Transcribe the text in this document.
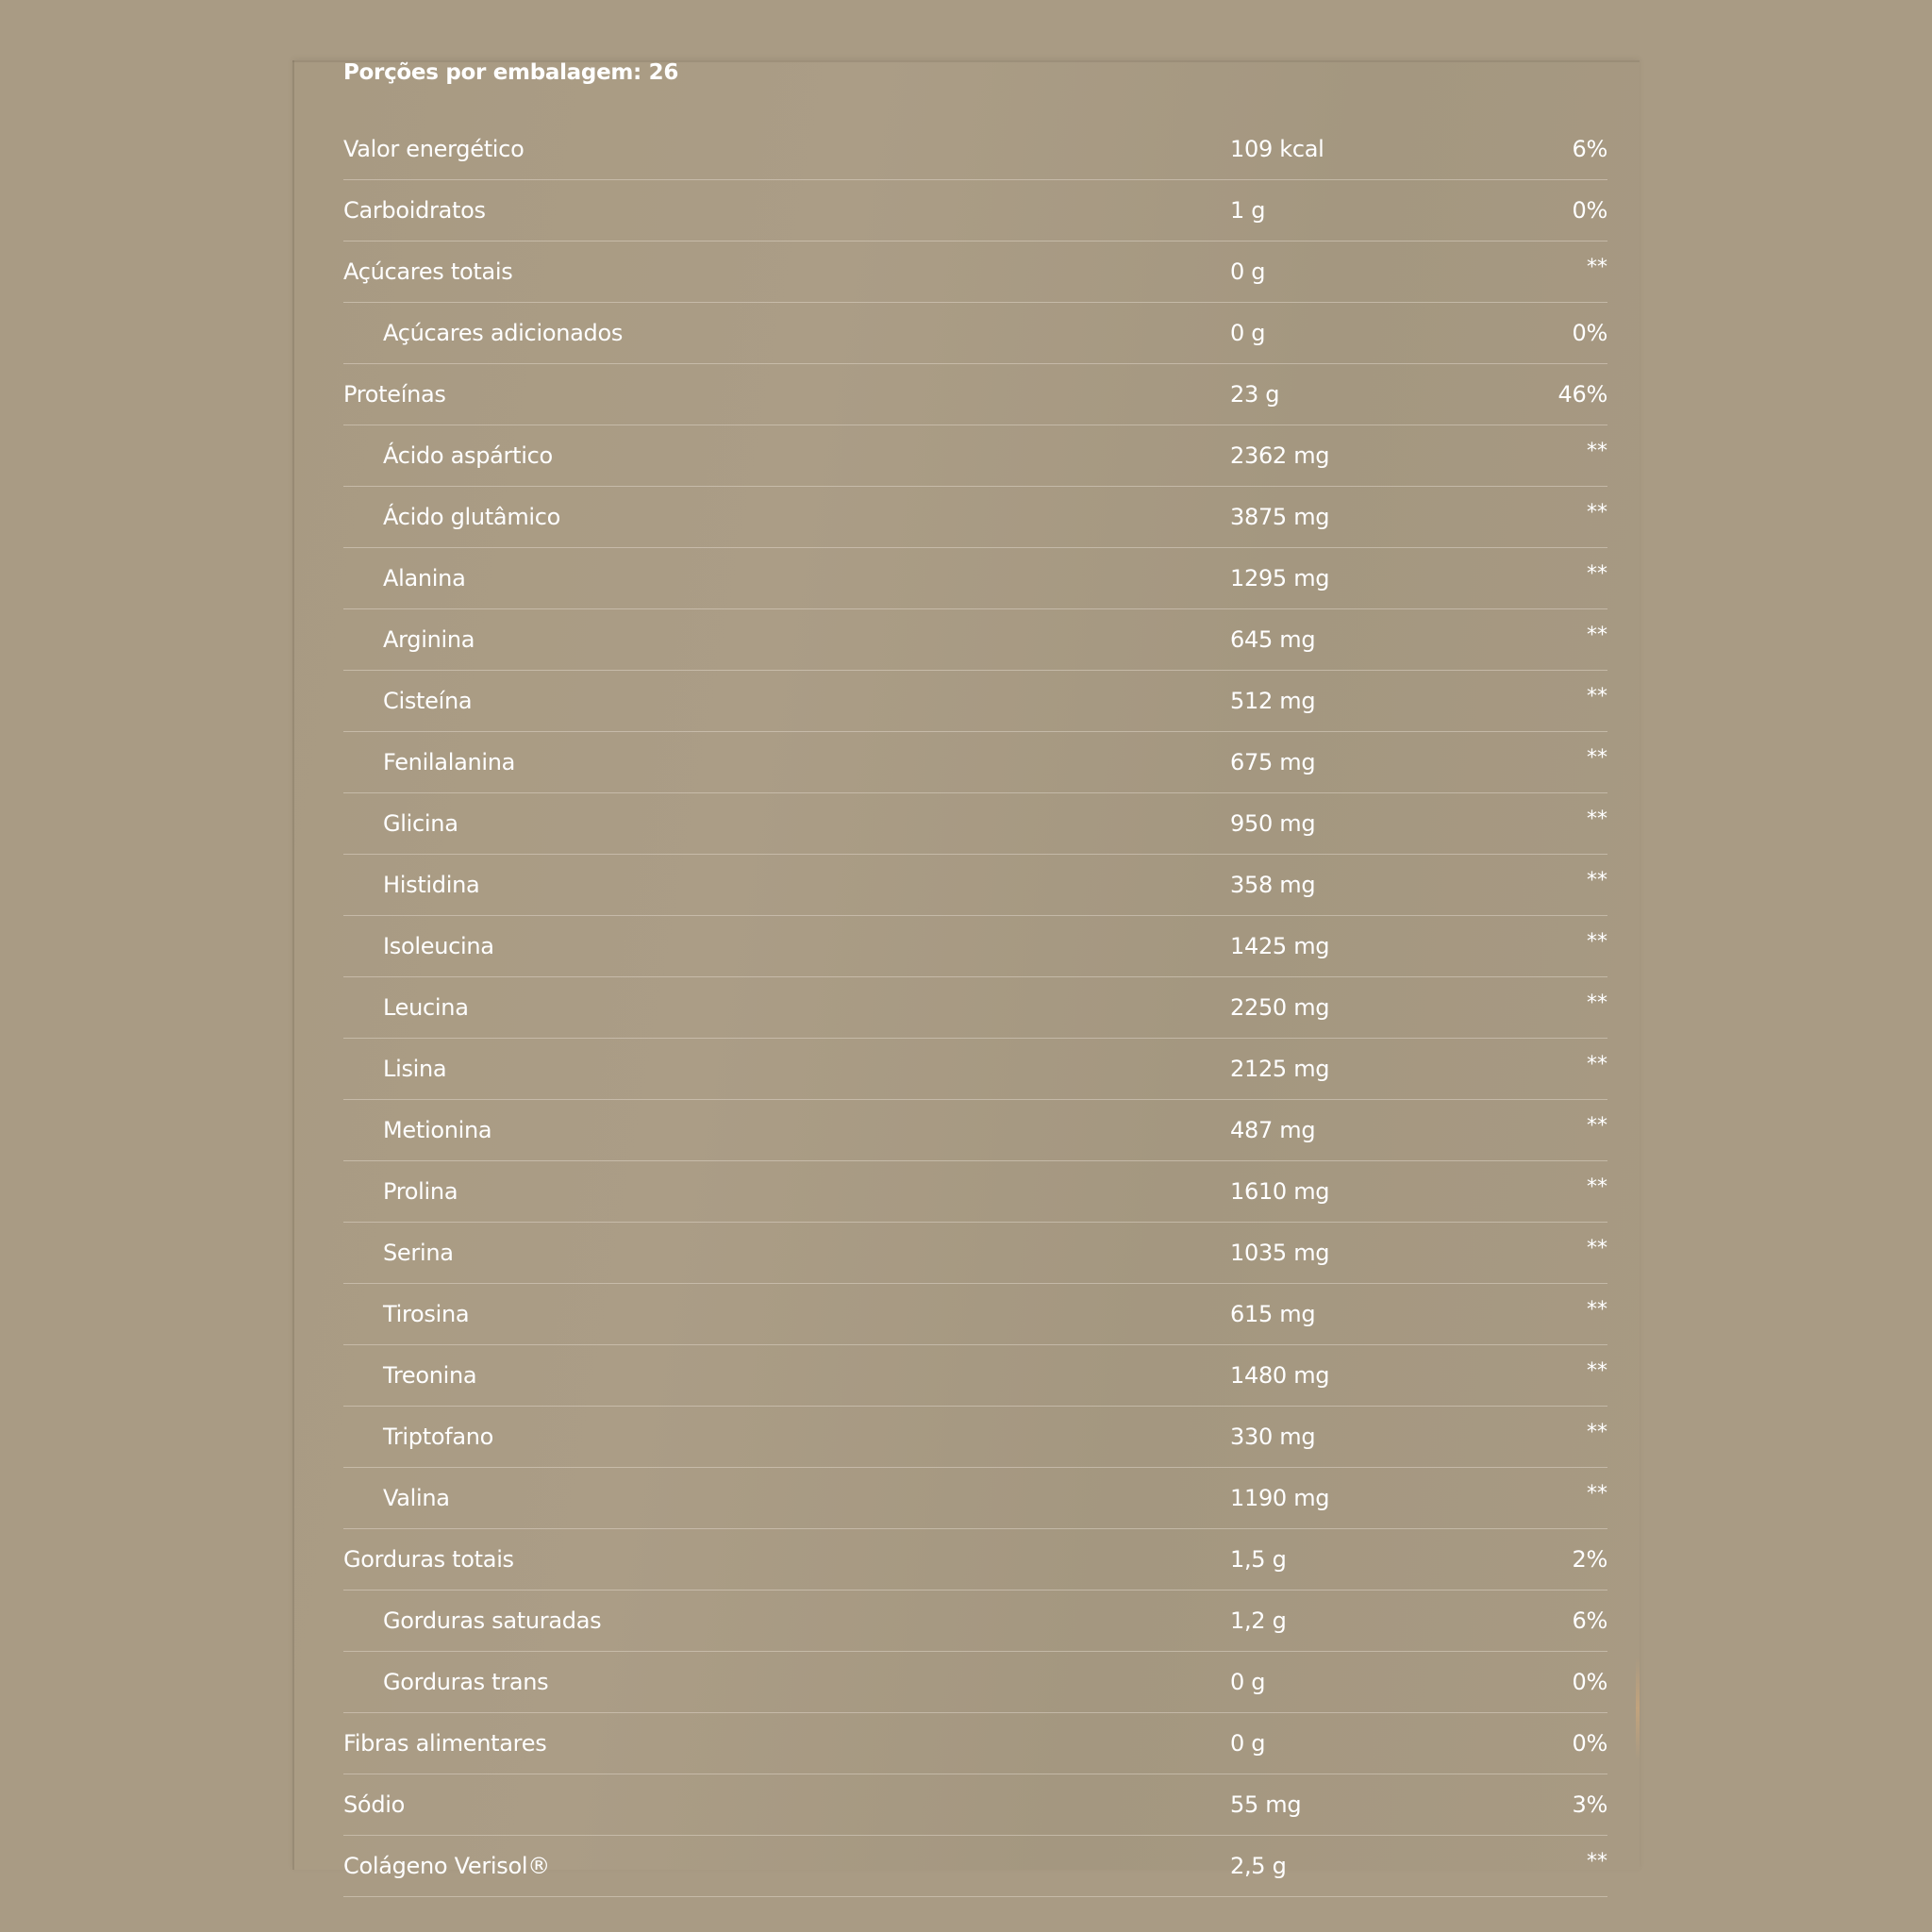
Porções por embalagem: 26
Valor energético	109 kcal	6%
Carboidratos	1 g	0%
Açúcares totais	0 g	**
Açúcares adicionados	0 g	0%
Proteínas	23 g	46%
Ácido aspártico	2362 mg	**
Ácido glutâmico	3875 mg	**
Alanina	1295 mg	**
Arginina	645 mg	**
Cisteína	512 mg	**
Fenilalanina	675 mg	**
Glicina	950 mg	**
Histidina	358 mg	**
Isoleucina	1425 mg	**
Leucina	2250 mg	**
Lisina	2125 mg	**
Metionina	487 mg	**
Prolina	1610 mg	**
Serina	1035 mg	**
Tirosina	615 mg	**
Treonina	1480 mg	**
Triptofano	330 mg	**
Valina	1190 mg	**
Gorduras totais	1,5 g	2%
Gorduras saturadas	1,2 g	6%
Gorduras trans	0 g	0%
Fibras alimentares	0 g	0%
Sódio	55 mg	3%
Colágeno Verisol®	2,5 g	**
